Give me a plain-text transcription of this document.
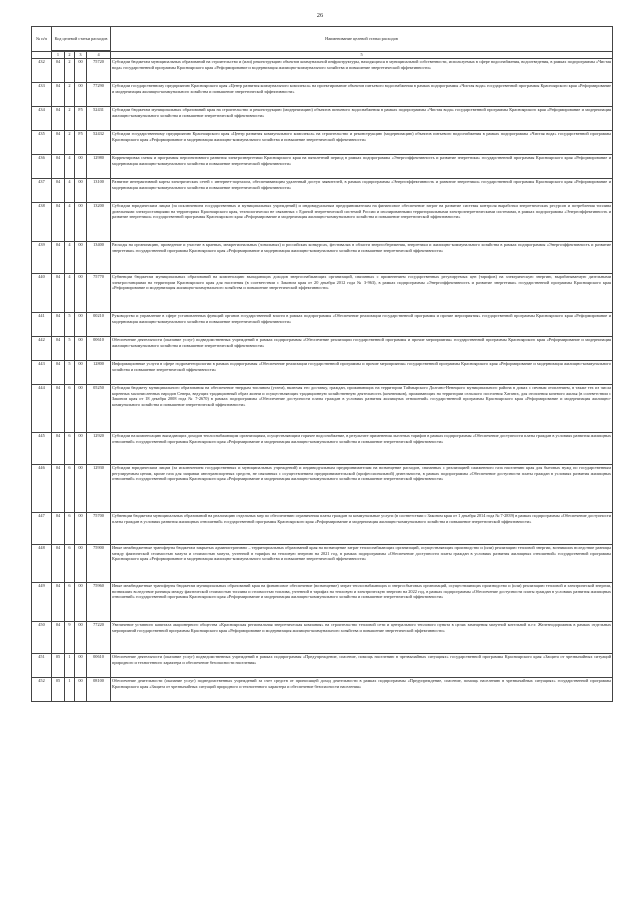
26
№ п/п	Код целевой статьи расходов				Наименование целевой статьи расходов

	1	2	3	4	5
432	04	2	00	75720	Субсидии бюджетам муниципальных образований на строительство и (или) реконструкцию объектов коммунальной инфраструктуры, находящихся в муниципальной собственности, используемых в сфере водоснабжения, водоотведения, в рамках подпрограммы «Чистая вода» государственной программы Красноярского края «Реформирование и модернизация жилищно-коммунального хозяйства и повышение энергетической эффективности»
433	04	2	00	77290	Субсидии государственному предприятию Красноярского края «Центр развития коммунального комплекса» на проектирование объектов питьевого водоснабжения в рамках подпрограммы «Чистая вода» государственной программы Красноярского края «Реформирование и модернизация жилищно-коммунального хозяйства и повышение энергетической эффективности»
434	04	2	F5	52431	Субсидии бюджетам муниципальных образований края на строительство и реконструкцию (модернизацию) объектов питьевого водоснабжения в рамках подпрограммы «Чистая вода» государственной программы Красноярского края «Реформирование и модернизация жилищно-коммунального хозяйства и повышение энергетической эффективности»
435	04	2	F5	52432	Субсидии государственному предприятию Красноярского края «Центр развития коммунального комплекса» на строительство и реконструкцию (модернизацию) объектов питьевого водоснабжения в рамках подпрограммы «Чистая вода» государственной программы Красноярского края «Реформирование и модернизация жилищно-коммунального хозяйства и повышение энергетической эффективности»
436	04	4	00	12980	Корректировка схемы и программы перспективного развития электроэнергетики Красноярского края на пятилетний период в рамках подпрограммы «Энергоэффективность и развитие энергетики» государственной программы Красноярского края «Реформирование и модернизация жилищно-коммунального хозяйства и повышение энергетической эффективности»
437	04	4	00	13100	Развитие интерактивной карты электрических сетей с интернет-порталом, обеспечивающим удаленный доступ заявителей, в рамках подпрограммы «Энергоэффективность и развитие энергетики» государственной программы Красноярского края «Реформирование и модернизация жилищно-коммунального хозяйства и повышение энергетической эффективности»
438	04	4	00	13200	Субсидии юридическим лицам (за исключением государственных и муниципальных учреждений) и индивидуальным предпринимателям на финансовое обеспечение затрат на развитие системы контроля выработки энергетических ресурсов и потребления топлива дизельными электростанциями на территориях Красноярского края, технологически не связанных с Единой энергетической системой России и изолированными территориальными электроэнергетическими системами, в рамках подпрограммы «Энергоэффективность и развитие энергетики» государственной программы Красноярского края «Реформирование и модернизация жилищно-коммунального хозяйства и повышение энергетической эффективности»
439	04	4	00	13400	Расходы на организацию, проведение и участие в краевых, межрегиональных (зональных) и российских конкурсах, фестивалях в области энергосбережения, энергетики и жилищно-коммунального хозяйства в рамках подпрограммы «Энергоэффективность и развитие энергетики» государственной программы Красноярского края «Реформирование и модернизация жилищно-коммунального хозяйства и повышение энергетической эффективности»
440	04	4	00	75770	Субвенции бюджетам муниципальных образований на компенсацию выпадающих доходов энергоснабжающих организаций, связанных с применением государственных регулируемых цен (тарифов) на электрическую энергию, вырабатываемую дизельными электростанциями на территории Красноярского края для населения (в соответствии с Законом края от 20 декабря 2012 года № 3-963), в рамках подпрограммы «Энергоэффективность и развитие энергетики» государственной программы Красноярского края «Реформирование и модернизация жилищно-коммунального хозяйства и повышение энергетической эффективности»
441	04	5	00	00210	Руководство и управление в сфере установленных функций органов государственной власти в рамках подпрограммы «Обеспечение реализации государственной программы и прочие мероприятия» государственной программы Красноярского края «Реформирование и модернизация жилищно-коммунального хозяйства и повышение энергетической эффективности»
442	04	5	00	00610	Обеспечение деятельности (оказание услуг) подведомственных учреждений в рамках подпрограммы «Обеспечение реализации государственной программы и прочие мероприятия» государственной программы Красноярского края «Реформирование и модернизация жилищно-коммунального хозяйства и повышение энергетической эффективности»
443	04	5	00	12800	Информационные услуги в сфере гидрометеорологии в рамках подпрограммы «Обеспечение реализации государственной программы и прочие мероприятия» государственной программы Красноярского края «Реформирование и модернизация жилищно-коммунального хозяйства и повышение энергетической эффективности»
444	04	6	00	05250	Субсидия бюджету муниципального образования на обеспечение твердым топливом (углем), включая его доставку, граждан, проживающих на территории Таймырского Долгано-Ненецкого муниципального района в домах с печным отоплением, в также тех из числа коренных малочисленных народов Севера, ведущих традиционный образ жизни и осуществляющих традиционную хозяйственную деятельность (кочевников), проживающих на территории сельского поселения Хатанга, для отопления кочевого жилья (в соответствии с Законом края от 18 декабря 2008 года № 7-2670) в рамках подпрограммы «Обеспечение доступности платы граждан в условиях развития жилищных отношений» государственной программы Красноярского края «Реформирование и модернизация жилищно-коммунального хозяйства и повышение энергетической эффективности»
445	04	6	00	12920	Субсидии на компенсацию выпадающих доходов теплоснабжающим организациям, осуществляющим горячее водоснабжение, в результате применения льготных тарифов в рамках подпрограммы «Обеспечение доступности платы граждан в условиях развития жилищных отношений» государственной программы Красноярского края «Реформирование и модернизация жилищно-коммунального хозяйства и повышение энергетической эффективности»
446	04	6	00	12930	Субсидии юридическим лицам (за исключением государственных и муниципальных учреждений) и индивидуальным предпринимателям на возмещение расходов, связанных с реализацией сжиженного газа населению края для бытовых нужд по государственным регулируемым ценам, кроме газа для заправки автотранспортных средств, не связанных с осуществлением предпринимательской (профессиональной) деятельности, в рамках подпрограммы «Обеспечение доступности платы граждан в условиях развития жилищных отношений» государственной программы Красноярского края «Реформирование и модернизация жилищно-коммунального хозяйства и повышение энергетической эффективности»
447	04	6	00	75700	Субвенции бюджетам муниципальных образований на реализацию отдельных мер по обеспечению ограничения платы граждан за коммунальные услуги (в соответствии с Законом края от 1 декабря 2014 года № 7-2839) в рамках подпрограммы «Обеспечение доступности платы граждан в условиях развития жилищных отношений» государственной программы Красноярского края «Реформирование и модернизация жилищно-коммунального хозяйства и повышение энергетической эффективности»
448	04	6	00	75900	Иные межбюджетные трансферты бюджетам закрытых административно – территориальных образований края на возмещение затрат теплоснабжающих организаций, осуществляющих производство и (или) реализацию тепловой энергии, возникших вследствие разницы между фактической стоимостью мазута и стоимостью мазута, учтенной в тарифах на тепловую энергию на 2021 год, в рамках подпрограммы «Обеспечение доступности платы граждан в условиях развития жилищных отношений» государственной программы Красноярского края «Реформирование и модернизация жилищно-коммунального хозяйства и повышение энергетической эффективности»
449	04	6	00	75960	Иные межбюджетные трансферты бюджетам муниципальных образований края на финансовое обеспечение (возмещение) затрат теплоснабжающих и энергосбытовых организаций, осуществляющих производство и (или) реализацию тепловой и электрической энергии, возникших вследствие разницы между фактической стоимостью топлива и стоимостью топлива, учтенной в тарифах на тепловую и электрическую энергию на 2022 год, в рамках подпрограммы «Обеспечение доступности платы граждан в условиях развития жилищных отношений» государственной программы Красноярского края «Реформирование и модернизация жилищно-коммунального хозяйства и повышение энергетической эффективности»
450	04	9	00	77220	Увеличение уставного капитала акционерного общества «Красноярская региональная энергетическая компания» на строительство тепловой сети и центрального теплового пункта в целях замещения мазутной котельной п.г.т. Железнодорожник в рамках отдельных мероприятий государственной программы Красноярского края «Реформирование и модернизация жилищно-коммунального хозяйства и повышение энергетической эффективности»
451	05	1	00	00610	Обеспечение деятельности (оказание услуг) подведомственных учреждений в рамках подпрограммы «Предупреждение, спасение, помощь населению в чрезвычайных ситуациях» государственной программы Красноярского края «Защита от чрезвычайных ситуаций природного и техногенного характера и обеспечение безопасности населения»
452	05	1	00	08100	Обеспечение деятельности (оказание услуг) подведомственных учреждений за счет средств от приносящей доход деятельности в рамках подпрограммы «Предупреждение, спасение, помощь населению в чрезвычайных ситуациях» государственной программы Красноярского края «Защита от чрезвычайных ситуаций природного и техногенного характера и обеспечение безопасности населения»
